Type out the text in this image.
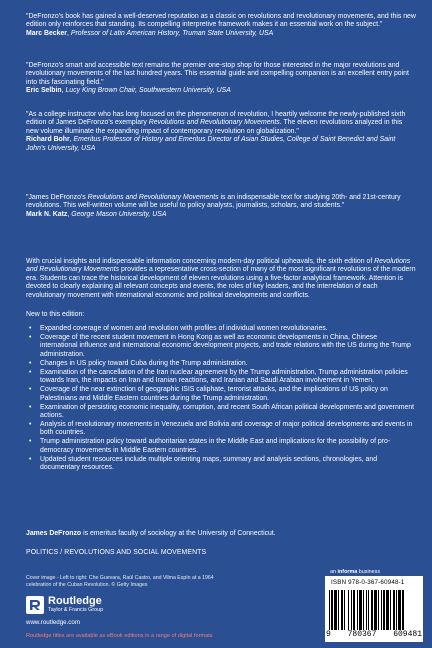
"DeFronzo's book has gained a well-deserved reputation as a classic on revolutions and revolutionary movements, and this new edition only reinforces that standing. Its compelling interpretive framework makes it an essential work on the subject."

Marc Becker, Professor of Latin American History, Truman State University, USA

"DeFronzo's smart and accessible text remains the premier one-stop shop for those interested in the major revolutions and revolutionary movements of the last hundred years. This essential guide and compelling companion is an excellent entry point into this fascinating field."

Eric Selbin, Lucy King Brown Chair, Southwestern University, USA

"As a college instructor who has long focused on the phenomenon of revolution, I heartily welcome the newly-published sixth edition of James DeFronzo's exemplary Revolutions and Revolutionary Movements. The eleven revolutions analyzed in this new volume illuminate the expanding impact of contemporary revolution on globalization."

Richard Bohr, Emeritus Professor of History and Emeritus Director of Asian Studies, College of Saint Benedict and Saint John's University, USA

"James DeFronzo's Revolutions and Revolutionary Movements is an indispensable text for studying 20th- and 21st-century revolutions. This well-written volume will be useful to policy analysts, journalists, scholars, and students."

Mark N. Katz, George Mason University, USA

With crucial insights and indispensable information concerning modern-day political upheavals, the sixth edition of Revolutions and Revolutionary Movements provides a representative cross-section of many of the most significant revolutions of the modern era. Students can trace the historical development of eleven revolutions using a five-factor analytical framework. Attention is devoted to clearly explaining all relevant concepts and events, the roles of key leaders, and the interrelation of each revolutionary movement with international economic and political developments and conflicts.

New to this edition:

• Expanded coverage of women and revolution with profiles of individual women revolutionaries.
• Coverage of the recent student movement in Hong Kong as well as economic developments in China, Chinese international influence and international economic development projects, and trade relations with the US during the Trump administration.
• Changes in US policy toward Cuba during the Trump administration.
• Examination of the cancellation of the Iran nuclear agreement by the Trump administration, Trump administration policies towards Iran, the impacts on Iran and Iranian reactions, and Iranian and Saudi Arabian involvement in Yemen.
• Coverage of the near extinction of geographic ISIS caliphate, terrorist attacks, and the implications of US policy on Palestinians and Middle Eastern countries during the Trump administration.
• Examination of persisting economic inequality, corruption, and recent South African political developments and government actions.
• Analysis of revolutionary movements in Venezuela and Bolivia and coverage of major political developments and events in both countries.
• Trump administration policy toward authoritarian states in the Middle East and implications for the possibility of pro-democracy movements in Middle Eastern countries.
• Updated student resources include multiple orienting maps, summary and analysis sections, chronologies, and documentary resources.

James DeFronzo is emeritus faculty of sociology at the University of Connecticut.

POLITICS / REVOLUTIONS AND SOCIAL MOVEMENTS

Cover image - Left to right: Che Guevara, Raúl Castro, and Vilma Espín at a 1964 celebration of the Cuban Revolution. © Getty Images

Routledge
Taylor & Francis Group

www.routledge.com

Routledge titles are available as eBook editions in a range of digital formats

an informa business

ISBN 978-0-367-60948-1

9 780367 609481
